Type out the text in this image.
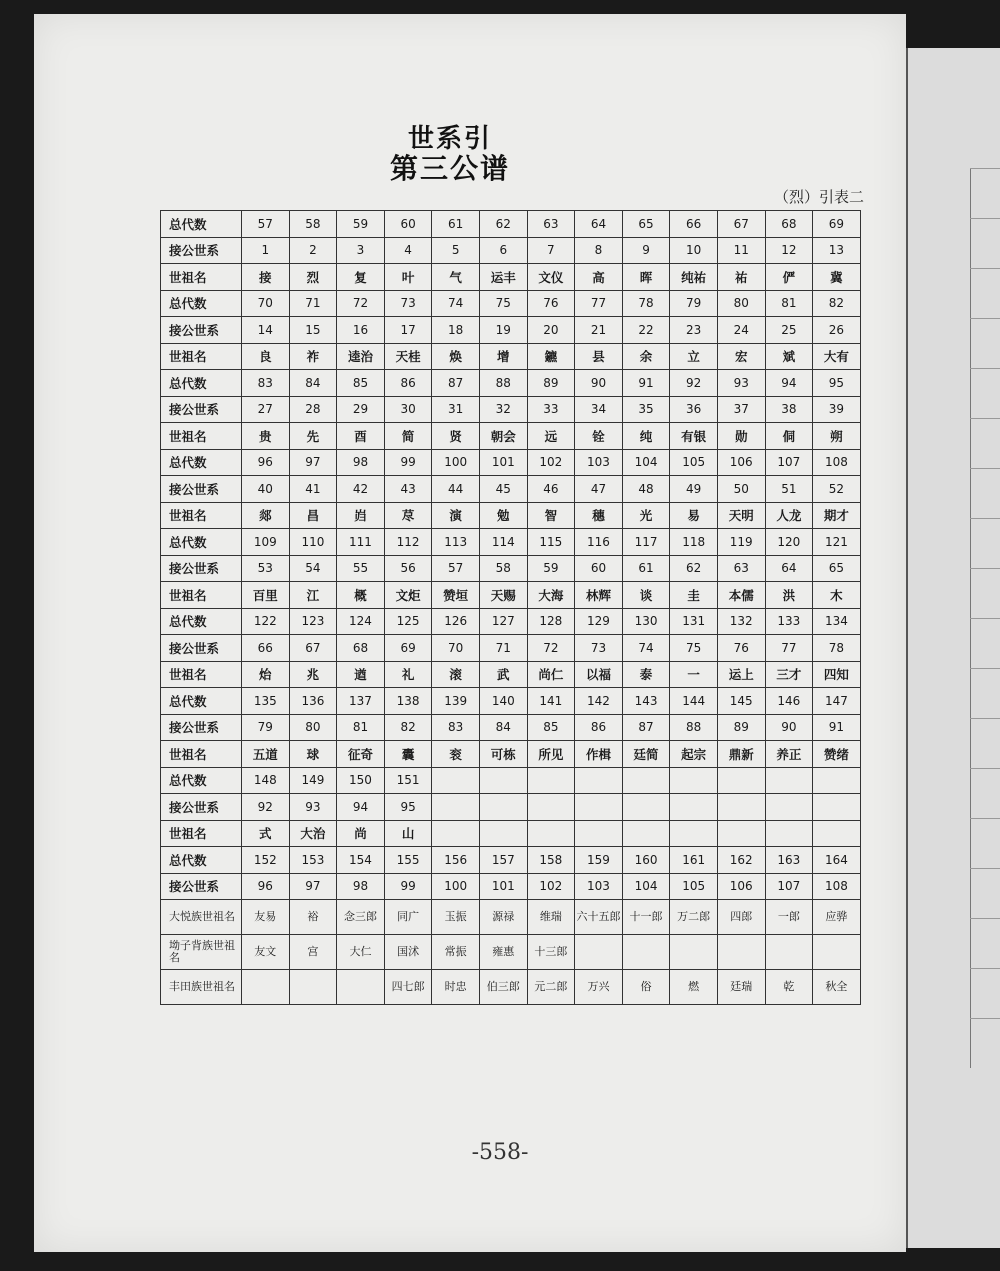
世系引
第三公谱
（烈）引表二
总代数	57	58	59	60	61	62	63	64	65	66	67	68	69
接公世系	1	2	3	4	5	6	7	8	9	10	11	12	13
世祖名	接	烈	复	叶	气	运丰	文仪	高	晖	纯祐	祐	俨	冀
总代数	70	71	72	73	74	75	76	77	78	79	80	81	82
接公世系	14	15	16	17	18	19	20	21	22	23	24	25	26
世祖名	良	祚	逵治	天桂	焕	增	鑣	县	余	立	宏	斌	大有
总代数	83	84	85	86	87	88	89	90	91	92	93	94	95
接公世系	27	28	29	30	31	32	33	34	35	36	37	38	39
世祖名	贵	先	酉	简	贤	朝会	远	铨	纯	有银	勋	侗	朔
总代数	96	97	98	99	100	101	102	103	104	105	106	107	108
接公世系	40	41	42	43	44	45	46	47	48	49	50	51	52
世祖名	郯	昌	岿	荩	演	勉	智	穗	光	易	天明	人龙	期才
总代数	109	110	111	112	113	114	115	116	117	118	119	120	121
接公世系	53	54	55	56	57	58	59	60	61	62	63	64	65
世祖名	百里	江	概	文炬	赞垣	天赐	大海	林辉	谈	圭	本儒	洪	木
总代数	122	123	124	125	126	127	128	129	130	131	132	133	134
接公世系	66	67	68	69	70	71	72	73	74	75	76	77	78
世祖名	炲	兆	遒	礼	滚	武	尚仁	以福	泰	一	运上	三才	四知
总代数	135	136	137	138	139	140	141	142	143	144	145	146	147
接公世系	79	80	81	82	83	84	85	86	87	88	89	90	91
世祖名	五道	球	征奇	囊	衮	可栋	所见	作楫	廷简	起宗	鼎新	养正	赞绪
总代数	148	149	150	151									
接公世系	92	93	94	95									
世祖名	式	大治	尚	山									
总代数	152	153	154	155	156	157	158	159	160	161	162	163	164
接公世系	96	97	98	99	100	101	102	103	104	105	106	107	108
大悦族世祖名	友易	裕	念三郎	同广	玉振	源禄	维瑞	六十五郎	十一郎	万二郎	四郎	一郎	应骅
坳子背族世祖名	友文	宫	大仁	国沭	常振	雍惠	十三郎						
丰田族世祖名				四七郎	时忠	伯三郎	元二郎	万兴	俗	燃	廷瑞	乾	秋全
-558-
